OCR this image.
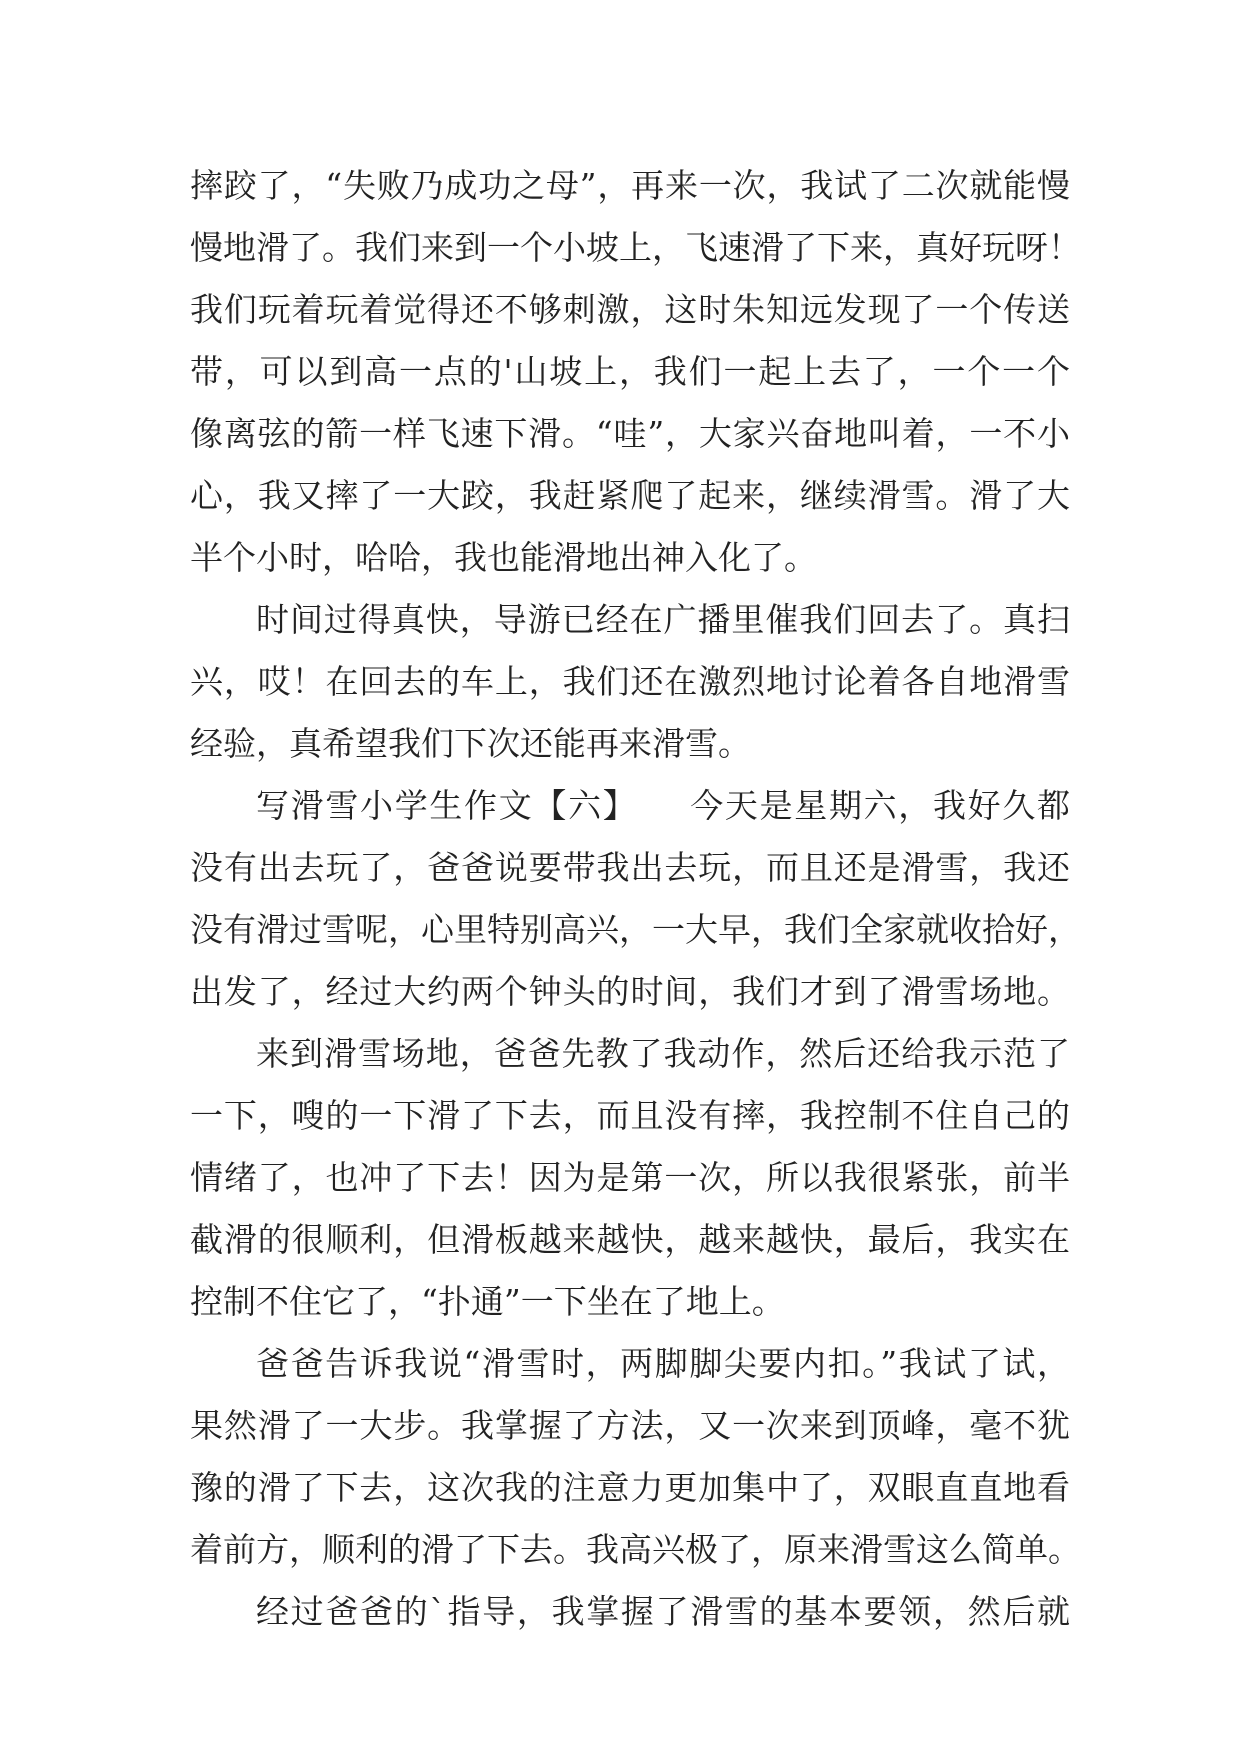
摔跤了，“失败乃成功之母”，再来一次，我试了二次就能慢
慢地滑了。我们来到一个小坡上，飞速滑了下来，真好玩呀！
我们玩着玩着觉得还不够刺激，这时朱知远发现了一个传送
带，可以到高一点的'山坡上，我们一起上去了，一个一个
像离弦的箭一样飞速下滑。“哇”，大家兴奋地叫着，一不小
心，我又摔了一大跤，我赶紧爬了起来，继续滑雪。滑了大
半个小时，哈哈，我也能滑地出神入化了。
时间过得真快，导游已经在广播里催我们回去了。真扫
兴，哎！在回去的车上，我们还在激烈地讨论着各自地滑雪
经验，真希望我们下次还能再来滑雪。
写滑雪小学生作文【六】　　今天是星期六，我好久都
没有出去玩了，爸爸说要带我出去玩，而且还是滑雪，我还
没有滑过雪呢，心里特别高兴，一大早，我们全家就收拾好，
出发了，经过大约两个钟头的时间，我们才到了滑雪场地。
来到滑雪场地，爸爸先教了我动作，然后还给我示范了
一下，嗖的一下滑了下去，而且没有摔，我控制不住自己的
情绪了，也冲了下去！因为是第一次，所以我很紧张，前半
截滑的很顺利，但滑板越来越快，越来越快，最后，我实在
控制不住它了，“扑通”一下坐在了地上。
爸爸告诉我说“滑雪时，两脚脚尖要内扣。”我试了试，
果然滑了一大步。我掌握了方法，又一次来到顶峰，毫不犹
豫的滑了下去，这次我的注意力更加集中了，双眼直直地看
着前方，顺利的滑了下去。我高兴极了，原来滑雪这么简单。
经过爸爸的`指导，我掌握了滑雪的基本要领，然后就
